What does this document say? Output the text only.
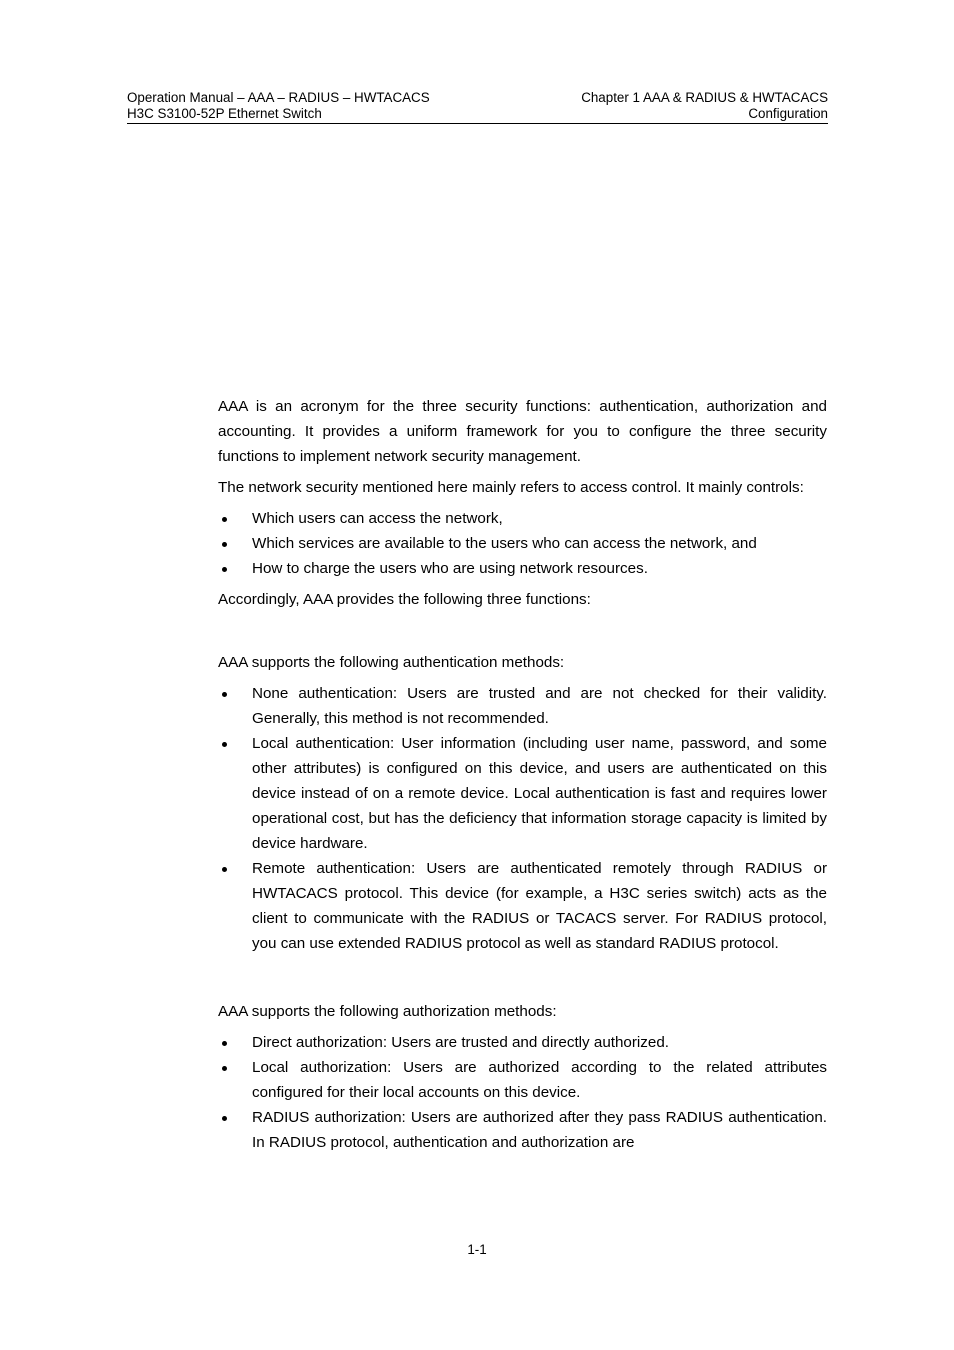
Operation Manual – AAA – RADIUS – HWTACACS	Chapter 1 AAA & RADIUS & HWTACACS
H3C S3100-52P Ethernet Switch	Configuration

AAA is an acronym for the three security functions: authentication, authorization and accounting. It provides a uniform framework for you to configure the three security functions to implement network security management.

The network security mentioned here mainly refers to access control. It mainly controls:

Which users can access the network,
Which services are available to the users who can access the network, and
How to charge the users who are using network resources.

Accordingly, AAA provides the following three functions:

AAA supports the following authentication methods:

None authentication: Users are trusted and are not checked for their validity. Generally, this method is not recommended.
Local authentication: User information (including user name, password, and some other attributes) is configured on this device, and users are authenticated on this device instead of on a remote device. Local authentication is fast and requires lower operational cost, but has the deficiency that information storage capacity is limited by device hardware.
Remote authentication: Users are authenticated remotely through RADIUS or HWTACACS protocol. This device (for example, a H3C series switch) acts as the client to communicate with the RADIUS or TACACS server. For RADIUS protocol, you can use extended RADIUS protocol as well as standard RADIUS protocol.

AAA supports the following authorization methods:

Direct authorization: Users are trusted and directly authorized.
Local authorization: Users are authorized according to the related attributes configured for their local accounts on this device.
RADIUS authorization: Users are authorized after they pass RADIUS authentication. In RADIUS protocol, authentication and authorization are
1-1
